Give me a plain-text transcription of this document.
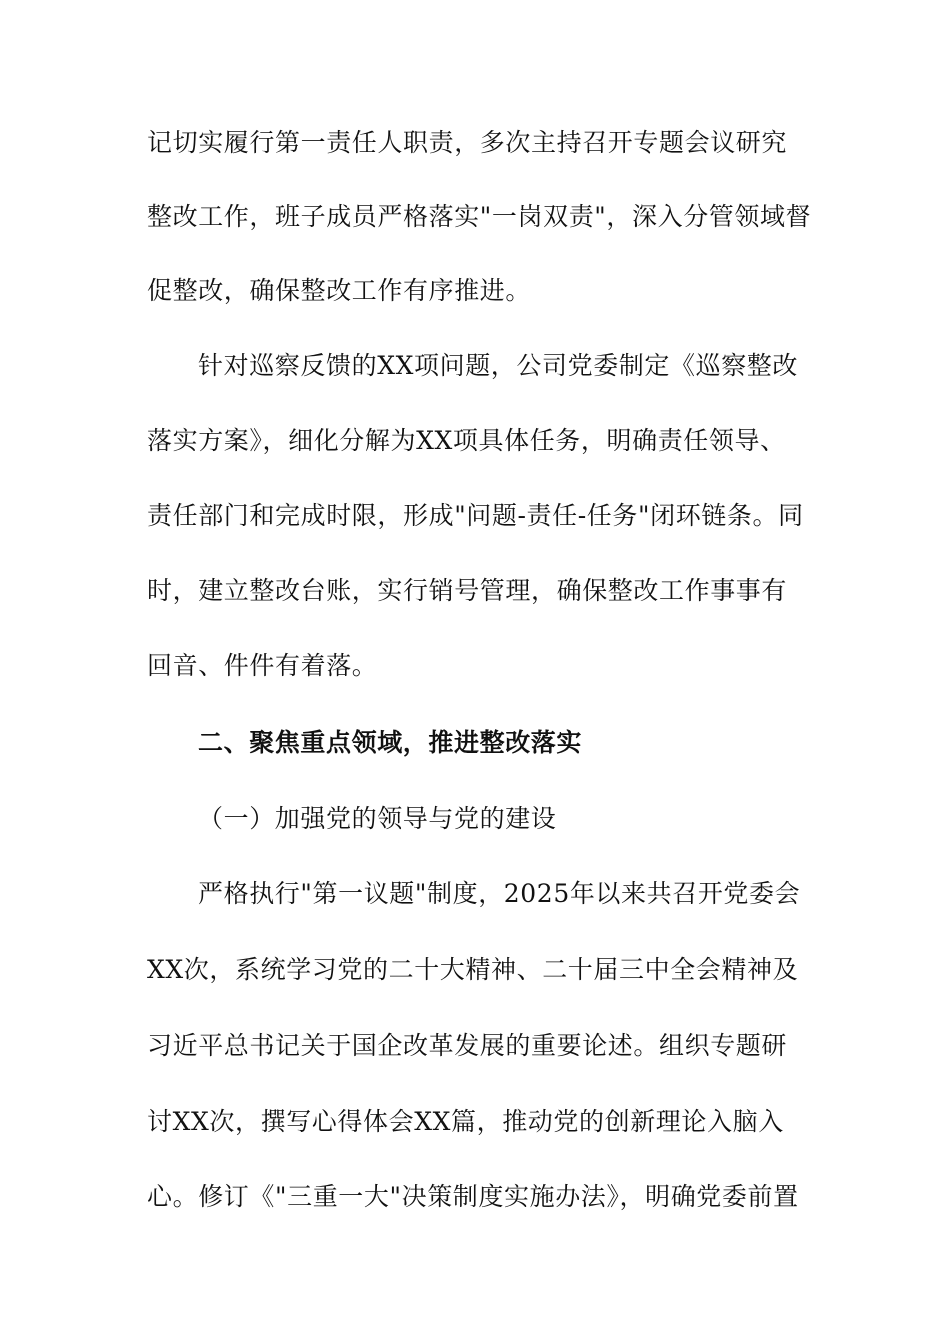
记切实履行第一责任人职责，多次主持召开专题会议研究
整改工作，班子成员严格落实"一岗双责"，深入分管领域督
促整改，确保整改工作有序推进。
针对巡察反馈的XX项问题，公司党委制定《巡察整改
落实方案》，细化分解为XX项具体任务，明确责任领导、
责任部门和完成时限，形成"问题-责任-任务"闭环链条。同
时，建立整改台账，实行销号管理，确保整改工作事事有
回音、件件有着落。
二、聚焦重点领域，推进整改落实
（一）加强党的领导与党的建设
严格执行"第一议题"制度，2025年以来共召开党委会
XX次，系统学习党的二十大精神、二十届三中全会精神及
习近平总书记关于国企改革发展的重要论述。组织专题研
讨XX次，撰写心得体会XX篇，推动党的创新理论入脑入
心。修订《"三重一大"决策制度实施办法》，明确党委前置
